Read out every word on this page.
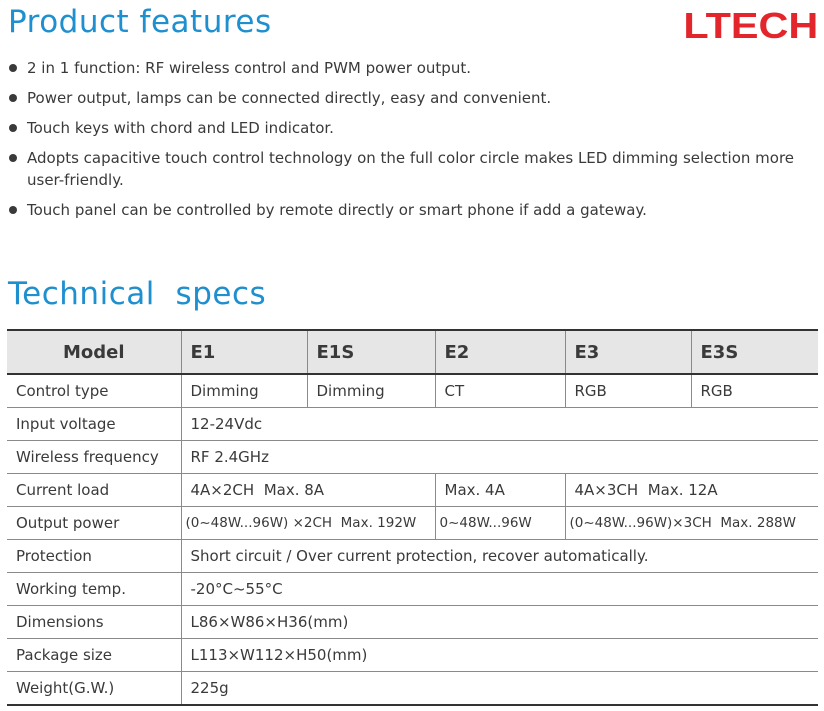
Product features	LTECH
2 in 1 function: RF wireless control and PWM power output.
Power output, lamps can be connected directly, easy and convenient.
Touch keys with chord and LED indicator.
Adopts capacitive touch control technology on the full color circle makes LED dimming selection more user-friendly.
Touch panel can be controlled by remote directly or smart phone if add a gateway.
Technical  specs
Model	E1	E1S	E2	E3	E3S
Control type	Dimming	Dimming	CT	RGB	RGB
Input voltage	12-24Vdc				
Wireless frequency	RF 2.4GHz				
Current load	4A×2CH  Max. 8A		Max. 4A	4A×3CH  Max. 12A	
Output power	(0~48W...96W) ×2CH  Max. 192W		0~48W...96W	(0~48W...96W)×3CH  Max. 288W	
Protection	Short circuit / Over current protection, recover automatically.				
Working temp.	-20°C~55°C				
Dimensions	L86×W86×H36(mm)				
Package size	L113×W112×H50(mm)				
Weight(G.W.)	225g				
